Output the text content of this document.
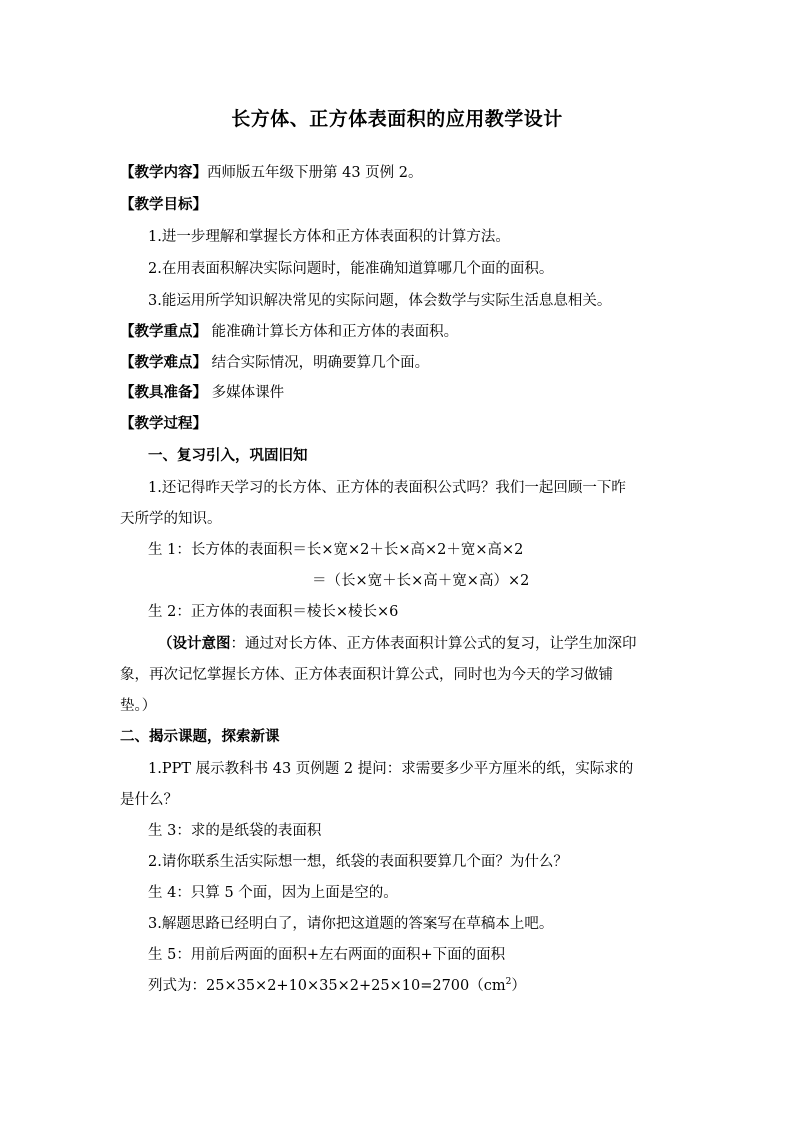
长方体、正方体表面积的应用教学设计
【教学内容】西师版五年级下册第 43 页例 2。
【教学目标】
1.进一步理解和掌握长方体和正方体表面积的计算方法。
2.在用表面积解决实际问题时，能准确知道算哪几个面的面积。
3.能运用所学知识解决常见的实际问题，体会数学与实际生活息息相关。
【教学重点】 能准确计算长方体和正方体的表面积。
【教学难点】 结合实际情况，明确要算几个面。
【教具准备】 多媒体课件
【教学过程】
一、复习引入，巩固旧知
1.还记得昨天学习的长方体、正方体的表面积公式吗？我们一起回顾一下昨
天所学的知识。
生 1：长方体的表面积＝长×宽×2＋长×高×2＋宽×高×2
＝（长×宽＋长×高＋宽×高）×2
生 2：正方体的表面积＝棱长×棱长×6
（设计意图：通过对长方体、正方体表面积计算公式的复习，让学生加深印
象，再次记忆掌握长方体、正方体表面积计算公式，同时也为今天的学习做铺
垫。）
二、揭示课题，探索新课
1.PPT 展示教科书 43 页例题 2 提问：求需要多少平方厘米的纸，实际求的
是什么？
生 3：求的是纸袋的表面积
2.请你联系生活实际想一想，纸袋的表面积要算几个面？为什么？
生 4：只算 5 个面，因为上面是空的。
3.解题思路已经明白了，请你把这道题的答案写在草稿本上吧。
生 5：用前后两面的面积+左右两面的面积+下面的面积
列式为：$25\times 35\times 2+10\times 35\times 2+25\times 10=2700(cm^2)$
